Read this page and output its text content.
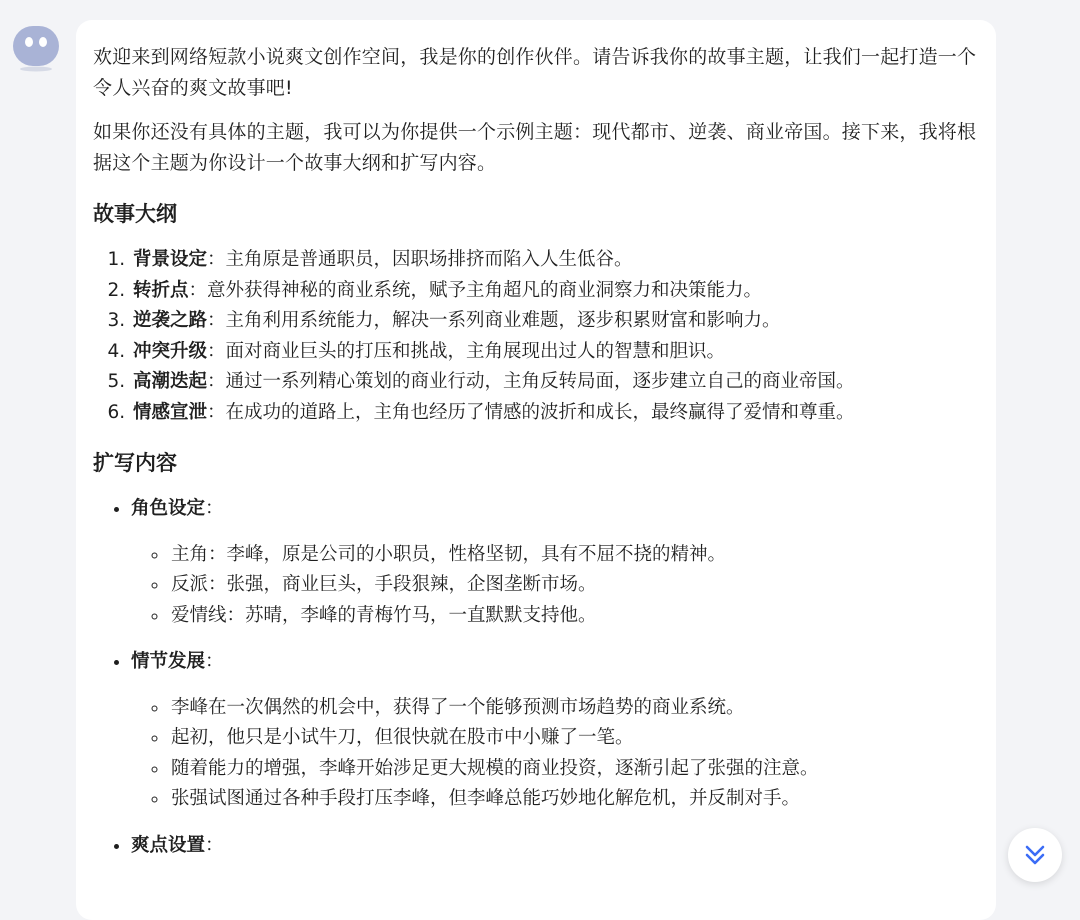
欢迎来到网络短款小说爽文创作空间，我是你的创作伙伴。请告诉我你的故事主题，让我们一起打造一个令人兴奋的爽文故事吧!

如果你还没有具体的主题，我可以为你提供一个示例主题：现代都市、逆袭、商业帝国。接下来，我将根据这个主题为你设计一个故事大纲和扩写内容。

故事大纲
1. 背景设定：主角原是普通职员，因职场排挤而陷入人生低谷。
2. 转折点：意外获得神秘的商业系统，赋予主角超凡的商业洞察力和决策能力。
3. 逆袭之路：主角利用系统能力，解决一系列商业难题，逐步积累财富和影响力。
4. 冲突升级：面对商业巨头的打压和挑战，主角展现出过人的智慧和胆识。
5. 高潮迭起：通过一系列精心策划的商业行动，主角反转局面，逐步建立自己的商业帝国。
6. 情感宣泄：在成功的道路上，主角也经历了情感的波折和成长，最终赢得了爱情和尊重。
扩写内容
• 角色设定：
◦ 主角：李峰，原是公司的小职员，性格坚韧，具有不屈不挠的精神。
◦ 反派：张强，商业巨头，手段狠辣，企图垄断市场。
◦ 爱情线：苏晴，李峰的青梅竹马，一直默默支持他。
• 情节发展：
◦ 李峰在一次偶然的机会中，获得了一个能够预测市场趋势的商业系统。
◦ 起初，他只是小试牛刀，但很快就在股市中小赚了一笔。
◦ 随着能力的增强，李峰开始涉足更大规模的商业投资，逐渐引起了张强的注意。
◦ 张强试图通过各种手段打压李峰，但李峰总能巧妙地化解危机，并反制对手。
• 爽点设置：
